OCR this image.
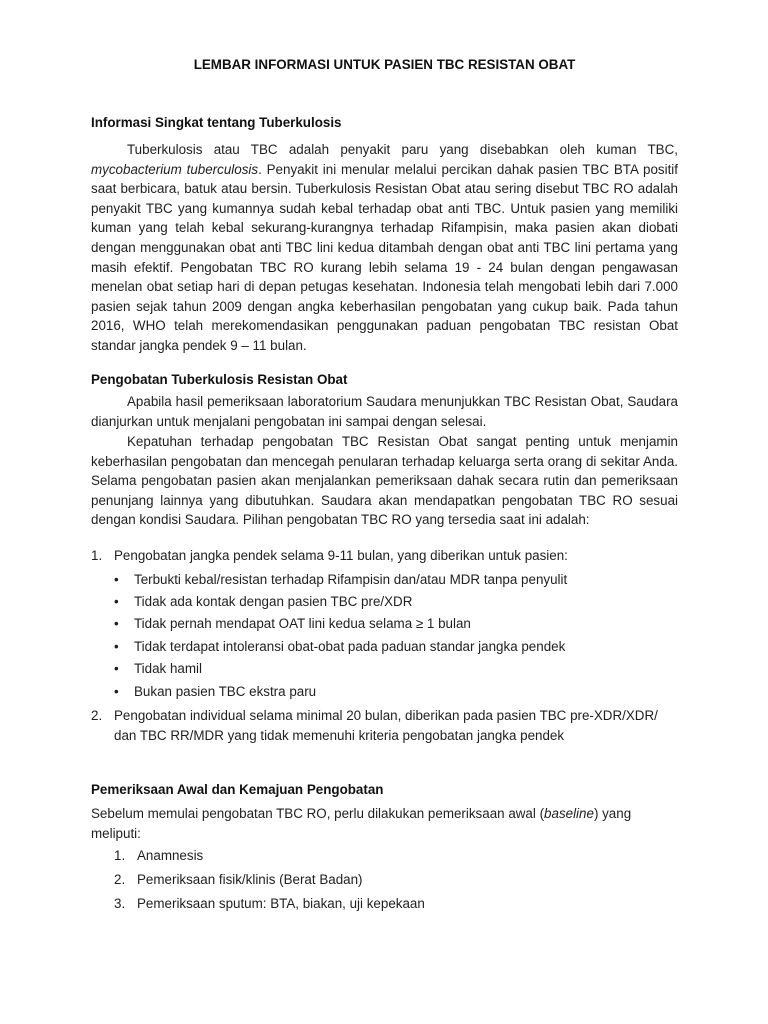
LEMBAR INFORMASI UNTUK PASIEN TBC RESISTAN OBAT
Informasi Singkat tentang Tuberkulosis

Tuberkulosis atau TBC adalah penyakit paru yang disebabkan oleh kuman TBC, mycobacterium tuberculosis. Penyakit ini menular melalui percikan dahak pasien TBC BTA positif saat berbicara, batuk atau bersin. Tuberkulosis Resistan Obat atau sering disebut TBC RO adalah penyakit TBC yang kumannya sudah kebal terhadap obat anti TBC. Untuk pasien yang memiliki kuman yang telah kebal sekurang-kurangnya terhadap Rifampisin, maka pasien akan diobati dengan menggunakan obat anti TBC lini kedua ditambah dengan obat anti TBC lini pertama yang masih efektif. Pengobatan TBC RO kurang lebih selama 19 - 24 bulan dengan pengawasan menelan obat setiap hari di depan petugas kesehatan. Indonesia telah mengobati lebih dari 7.000 pasien sejak tahun 2009 dengan angka keberhasilan pengobatan yang cukup baik. Pada tahun 2016, WHO telah merekomendasikan penggunakan paduan pengobatan TBC resistan Obat standar jangka pendek 9 – 11 bulan.

Pengobatan Tuberkulosis Resistan Obat

Apabila hasil pemeriksaan laboratorium Saudara menunjukkan TBC Resistan Obat, Saudara dianjurkan untuk menjalani pengobatan ini sampai dengan selesai.

Kepatuhan terhadap pengobatan TBC Resistan Obat sangat penting untuk menjamin keberhasilan pengobatan dan mencegah penularan terhadap keluarga serta orang di sekitar Anda. Selama pengobatan pasien akan menjalankan pemeriksaan dahak secara rutin dan pemeriksaan penunjang lainnya yang dibutuhkan. Saudara akan mendapatkan pengobatan TBC RO sesuai dengan kondisi Saudara. Pilihan pengobatan TBC RO yang tersedia saat ini adalah:

1. Pengobatan jangka pendek selama 9-11 bulan, yang diberikan untuk pasien:
• Terbukti kebal/resistan terhadap Rifampisin dan/atau MDR tanpa penyulit
• Tidak ada kontak dengan pasien TBC pre/XDR
• Tidak pernah mendapat OAT lini kedua selama ≥ 1 bulan
• Tidak terdapat intoleransi obat-obat pada paduan standar jangka pendek
• Tidak hamil
• Bukan pasien TBC ekstra paru
2. Pengobatan individual selama minimal 20 bulan, diberikan pada pasien TBC pre-XDR/XDR/ dan TBC RR/MDR yang tidak memenuhi kriteria pengobatan jangka pendek
Pemeriksaan Awal dan Kemajuan Pengobatan

Sebelum memulai pengobatan TBC RO, perlu dilakukan pemeriksaan awal (baseline) yang meliputi:

1. Anamnesis
2. Pemeriksaan fisik/klinis (Berat Badan)
3. Pemeriksaan sputum: BTA, biakan, uji kepekaan
